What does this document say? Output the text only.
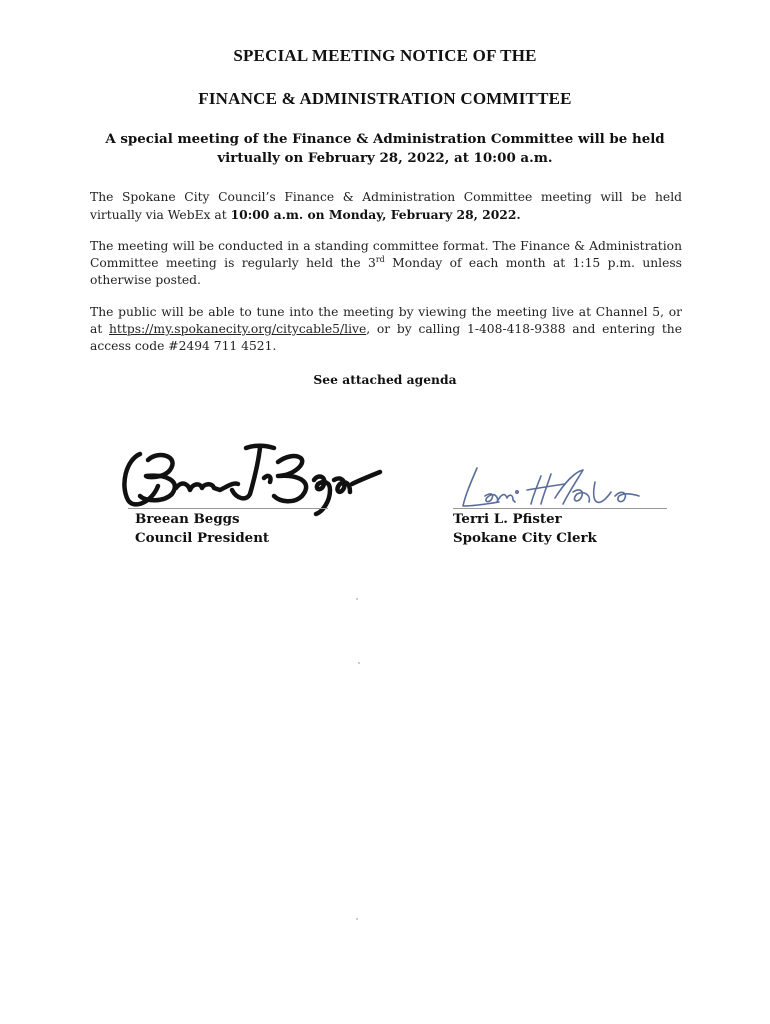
SPECIAL MEETING NOTICE OF THE
FINANCE & ADMINISTRATION COMMITTEE
A special meeting of the Finance & Administration Committee will be held
virtually on February 28, 2022, at 10:00 a.m.
The Spokane City Council’s Finance & Administration Committee meeting will be held virtually via WebEx at 10:00 a.m. on Monday, February 28, 2022.
The meeting will be conducted in a standing committee format. The Finance & Administration Committee meeting is regularly held the 3rd Monday of each month at 1:15 p.m. unless otherwise posted.
The public will be able to tune into the meeting by viewing the meeting live at Channel 5, or at https://my.spokanecity.org/citycable5/live, or by calling 1-408-418-9388 and entering the access code #2494 711 4521.
See attached agenda
Breean Beggs
Council President
Terri L. Pfister
Spokane City Clerk
